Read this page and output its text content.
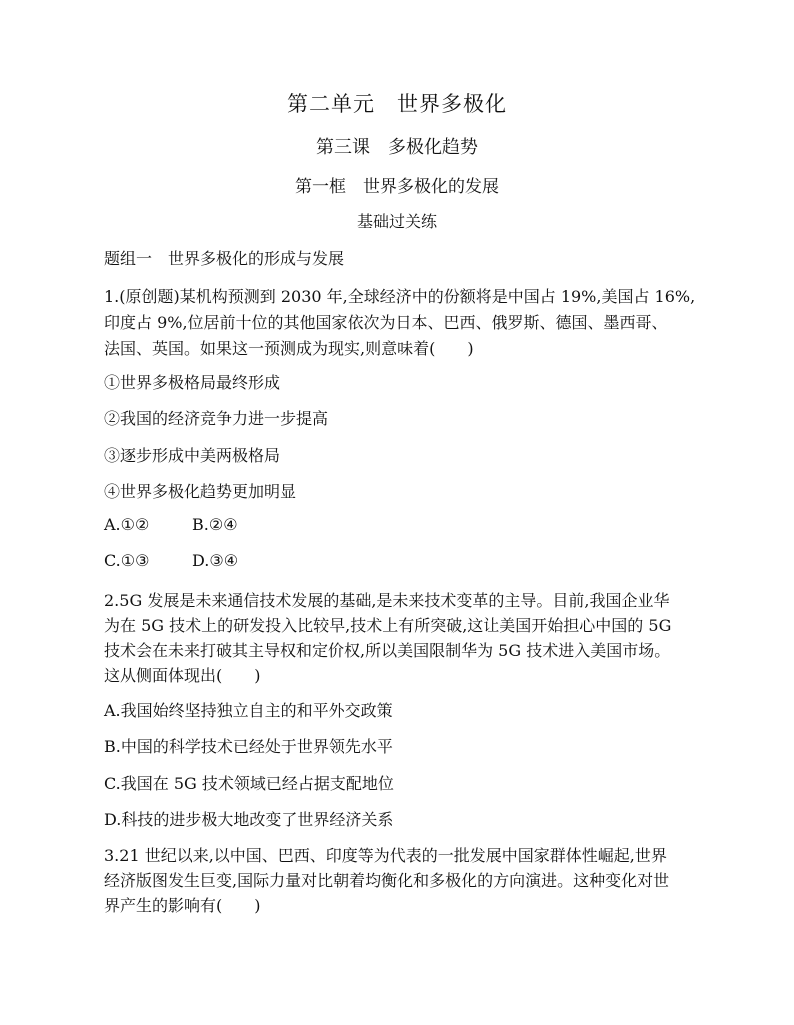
第二单元　世界多极化
第三课　多极化趋势
第一框　世界多极化的发展
基础过关练
题组一　世界多极化的形成与发展
1.(原创题)某机构预测到 2030 年,全球经济中的份额将是中国占 19%,美国占 16%,
印度占 9%,位居前十位的其他国家依次为日本、巴西、俄罗斯、德国、墨西哥、
法国、英国。如果这一预测成为现实,则意味着(　　)
①世界多极格局最终形成
②我国的经济竞争力进一步提高
③逐步形成中美两极格局
④世界多极化趋势更加明显
A.①②	B.②④
C.①③	D.③④
2.5G 发展是未来通信技术发展的基础,是未来技术变革的主导。目前,我国企业华
为在 5G 技术上的研发投入比较早,技术上有所突破,这让美国开始担心中国的 5G
技术会在未来打破其主导权和定价权,所以美国限制华为 5G 技术进入美国市场。
这从侧面体现出(　　)
A.我国始终坚持独立自主的和平外交政策
B.中国的科学技术已经处于世界领先水平
C.我国在 5G 技术领域已经占据支配地位
D.科技的进步极大地改变了世界经济关系
3.21 世纪以来,以中国、巴西、印度等为代表的一批发展中国家群体性崛起,世界
经济版图发生巨变,国际力量对比朝着均衡化和多极化的方向演进。这种变化对世
界产生的影响有(　　)
